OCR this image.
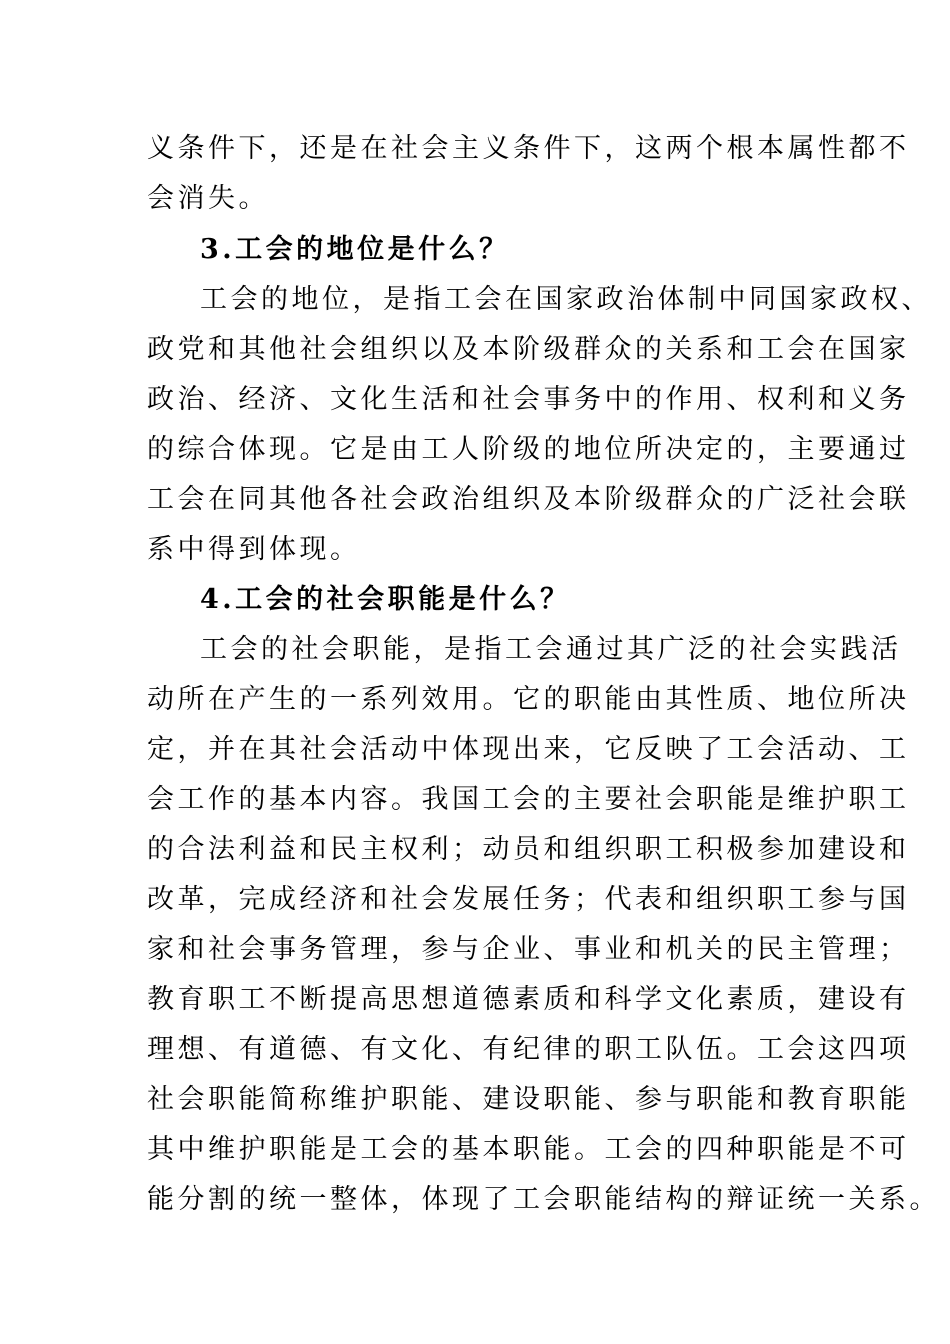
义条件下，还是在社会主义条件下，这两个根本属性都不

会消失。

3.工会的地位是什么？

工会的地位，是指工会在国家政治体制中同国家政权、

政党和其他社会组织以及本阶级群众的关系和工会在国家

政治、经济、文化生活和社会事务中的作用、权利和义务

的综合体现。它是由工人阶级的地位所决定的，主要通过

工会在同其他各社会政治组织及本阶级群众的广泛社会联

系中得到体现。

4.工会的社会职能是什么？

工会的社会职能，是指工会通过其广泛的社会实践活

动所在产生的一系列效用。它的职能由其性质、地位所决

定，并在其社会活动中体现出来，它反映了工会活动、工

会工作的基本内容。我国工会的主要社会职能是维护职工

的合法利益和民主权利；动员和组织职工积极参加建设和

改革，完成经济和社会发展任务；代表和组织职工参与国

家和社会事务管理，参与企业、事业和机关的民主管理；

教育职工不断提高思想道德素质和科学文化素质，建设有

理想、有道德、有文化、有纪律的职工队伍。工会这四项

社会职能简称维护职能、建设职能、参与职能和教育职能

其中维护职能是工会的基本职能。工会的四种职能是不可

能分割的统一整体，体现了工会职能结构的辩证统一关系。
